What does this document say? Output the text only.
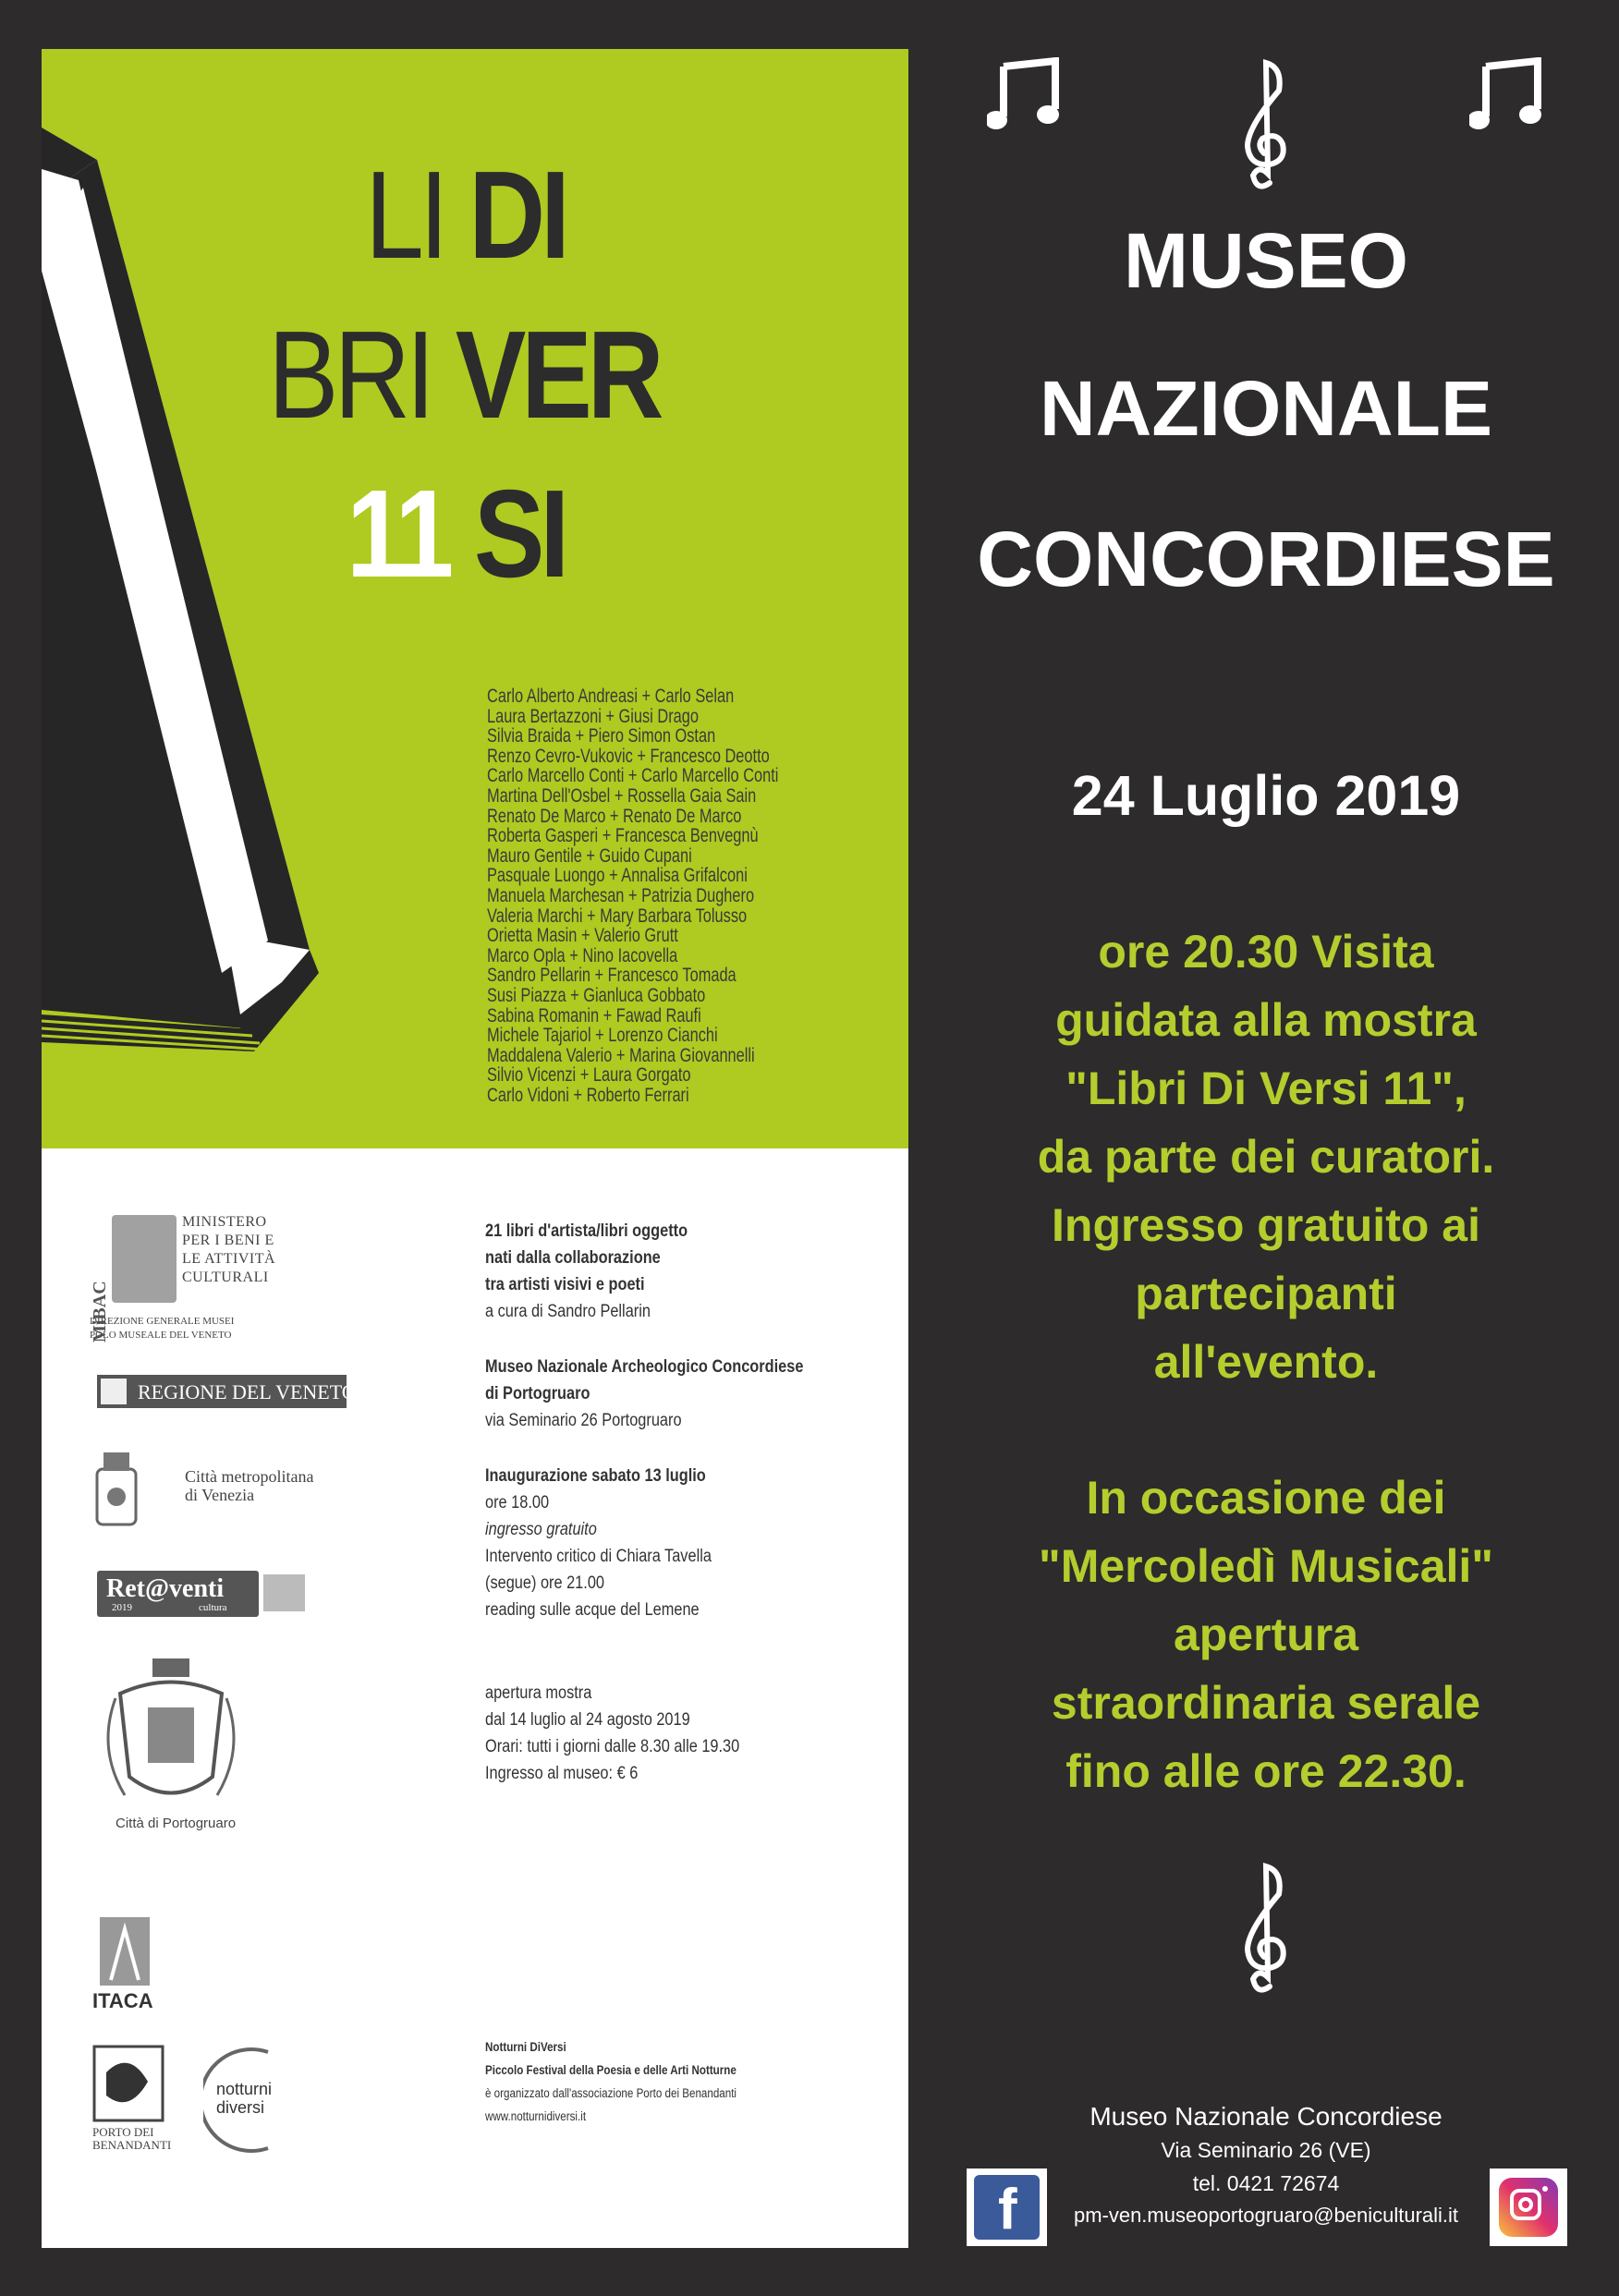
LI DI
BRI VER
11 SI
Carlo Alberto Andreasi + Carlo Selan
Laura Bertazzoni + Giusi Drago
Silvia Braida + Piero Simon Ostan
Renzo Cevro-Vukovic + Francesco Deotto
Carlo Marcello Conti + Carlo Marcello Conti
Martina Dell'Osbel + Rossella Gaia Sain
Renato De Marco + Renato De Marco
Roberta Gasperi + Francesca Benvegnù
Mauro Gentile + Guido Cupani
Pasquale Luongo + Annalisa Grifalconi
Manuela Marchesan + Patrizia Dughero
Valeria Marchi + Mary Barbara Tolusso
Orietta Masin + Valerio Grutt
Marco Opla + Nino Iacovella
Sandro Pellarin + Francesco Tomada
Susi Piazza + Gianluca Gobbato
Sabina Romanin + Fawad Raufi
Michele Tajariol + Lorenzo Cianchi
Maddalena Valerio + Marina Giovannelli
Silvio Vicenzi + Laura Gorgato
Carlo Vidoni + Roberto Ferrari
MiBAC
MINISTERO
PER I BENI E
LE ATTIVITÀ
CULTURALI
DIREZIONE GENERALE MUSEI
POLO MUSEALE DEL VENETO
REGIONE DEL VENETO
Città metropolitana
di Venezia
Ret@venti
2019	cultura
Città di Portogruaro
ITACA
PORTO DEI
BENANDANTI
notturni
diversi
21 libri d'artista/libri oggetto
nati dalla collaborazione
tra artisti visivi e poeti
a cura di Sandro Pellarin
Museo Nazionale Archeologico Concordiese
di Portogruaro
via Seminario 26 Portogruaro
Inaugurazione sabato 13 luglio
ore 18.00
ingresso gratuito
Intervento critico di Chiara Tavella
(segue) ore 21.00
reading sulle acque del Lemene
apertura mostra
dal 14 luglio al 24 agosto 2019
Orari: tutti i giorni dalle 8.30 alle 19.30
Ingresso al museo: € 6
Notturni DiVersi
Piccolo Festival della Poesia e delle Arti Notturne
è organizzato dall'associazione Porto dei Benandanti
www.notturnidiversi.it
MUSEO
NAZIONALE
CONCORDIESE
24 Luglio 2019
ore 20.30 Visita
guidata alla mostra
"Libri Di Versi 11",
da parte dei curatori.
Ingresso gratuito ai
partecipanti
all'evento.
In occasione dei
"Mercoledì Musicali"
apertura
straordinaria serale
fino alle ore 22.30.
Museo Nazionale Concordiese
Via Seminario 26 (VE)
tel. 0421 72674
pm-ven.museoportogruaro@beniculturali.it
f
